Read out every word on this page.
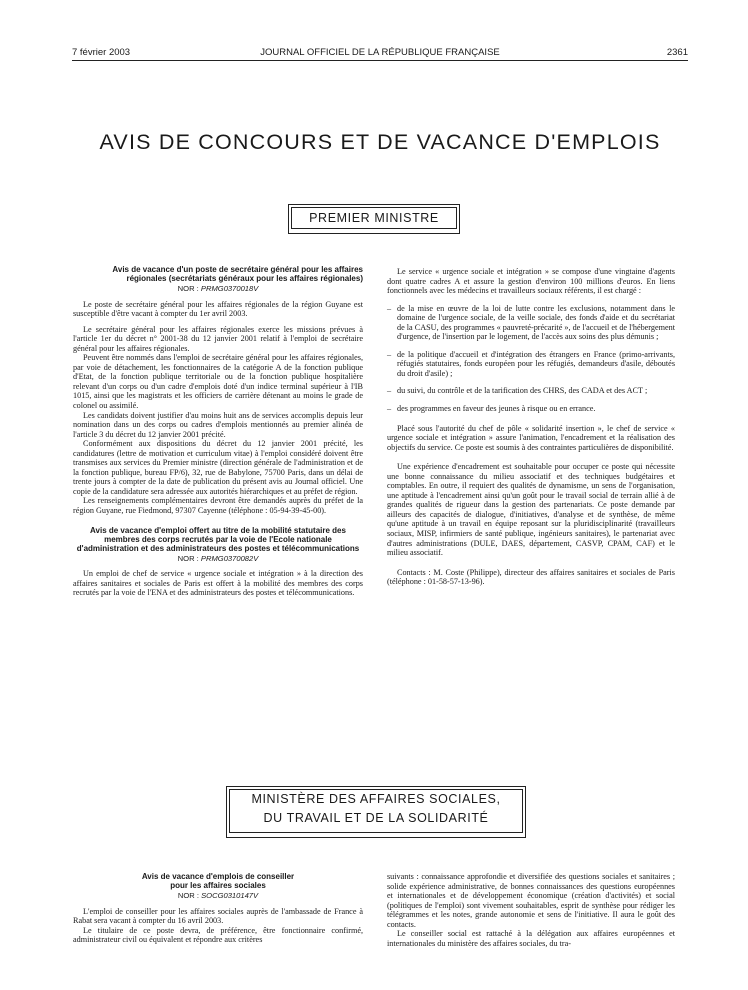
7 février 2003	JOURNAL OFFICIEL DE LA RÉPUBLIQUE FRANÇAISE	2361
AVIS DE CONCOURS ET DE VACANCE D'EMPLOIS
PREMIER MINISTRE

Avis de vacance d'un poste de secrétaire général pour les affaires régionales (secrétariats généraux pour les affaires régionales)

NOR : PRMG0370018V

Le poste de secrétaire général pour les affaires régionales de la région Guyane est susceptible d'être vacant à compter du 1er avril 2003.

Le secrétaire général pour les affaires régionales exerce les missions prévues à l'article 1er du décret n° 2001-38 du 12 janvier 2001 relatif à l'emploi de secrétaire général pour les affaires régionales.

Peuvent être nommés dans l'emploi de secrétaire général pour les affaires régionales, par voie de détachement, les fonctionnaires de la catégorie A de la fonction publique d'Etat, de la fonction publique territoriale ou de la fonction publique hospitalière relevant d'un corps ou d'un cadre d'emplois doté d'un indice terminal supérieur à l'IB 1015, ainsi que les magistrats et les officiers de carrière détenant au moins le grade de colonel ou assimilé.

Les candidats doivent justifier d'au moins huit ans de services accomplis depuis leur nomination dans un des corps ou cadres d'emplois mentionnés au premier alinéa de l'article 3 du décret du 12 janvier 2001 précité.

Conformément aux dispositions du décret du 12 janvier 2001 précité, les candidatures (lettre de motivation et curriculum vitae) à l'emploi considéré doivent être transmises aux services du Premier ministre (direction générale de l'administration et de la fonction publique, bureau FP/6), 32, rue de Babylone, 75700 Paris, dans un délai de trente jours à compter de la date de publication du présent avis au Journal officiel. Une copie de la candidature sera adressée aux autorités hiérarchiques et au préfet de région.

Les renseignements complémentaires devront être demandés auprès du préfet de la région Guyane, rue Fiedmond, 97307 Cayenne (téléphone : 05-94-39-45-00).

Avis de vacance d'emploi offert au titre de la mobilité statutaire des membres des corps recrutés par la voie de l'Ecole nationale d'administration et des administrateurs des postes et télécommunications

NOR : PRMG0370082V

Un emploi de chef de service « urgence sociale et intégration » à la direction des affaires sanitaires et sociales de Paris est offert à la mobilité des membres des corps recrutés par la voie de l'ENA et des administrateurs des postes et télécommunications.

Le service « urgence sociale et intégration » se compose d'une vingtaine d'agents dont quatre cadres A et assure la gestion d'environ 100 millions d'euros. En liens fonctionnels avec les médecins et travailleurs sociaux référents, il est chargé :

– de la mise en œuvre de la loi de lutte contre les exclusions, notamment dans le domaine de l'urgence sociale, de la veille sociale, des fonds d'aide et du secrétariat de la CASU, des programmes « pauvreté-précarité », de l'accueil et de l'hébergement d'urgence, de l'insertion par le logement, de l'accès aux soins des plus démunis ;
– de la politique d'accueil et d'intégration des étrangers en France (primo-arrivants, réfugiés statutaires, fonds européen pour les réfugiés, demandeurs d'asile, déboutés du droit d'asile) ;
– du suivi, du contrôle et de la tarification des CHRS, des CADA et des ACT ;
– des programmes en faveur des jeunes à risque ou en errance.

Placé sous l'autorité du chef de pôle « solidarité insertion », le chef de service « urgence sociale et intégration » assure l'animation, l'encadrement et la réalisation des objectifs du service. Ce poste est soumis à des contraintes particulières de disponibilité.

Une expérience d'encadrement est souhaitable pour occuper ce poste qui nécessite une bonne connaissance du milieu associatif et des techniques budgétaires et comptables. En outre, il requiert des qualités de dynamisme, un sens de l'organisation, une aptitude à l'encadrement ainsi qu'un goût pour le travail social de terrain allié à de grandes qualités de rigueur dans la gestion des partenariats. Ce poste demande par ailleurs des capacités de dialogue, d'initiatives, d'analyse et de synthèse, de même qu'une aptitude à un travail en équipe reposant sur la pluridisciplinarité (travailleurs sociaux, MISP, infirmiers de santé publique, ingénieurs sanitaires), le partenariat avec d'autres administrations (DULE, DAES, département, CASVP, CPAM, CAF) et le milieu associatif.

Contacts : M. Coste (Philippe), directeur des affaires sanitaires et sociales de Paris (téléphone : 01-58-57-13-96).

MINISTÈRE DES AFFAIRES SOCIALES,
DU TRAVAIL ET DE LA SOLIDARITÉ

Avis de vacance d'emplois de conseiller
pour les affaires sociales

NOR : SOCG0310147V

L'emploi de conseiller pour les affaires sociales auprès de l'ambassade de France à Rabat sera vacant à compter du 16 avril 2003.

Le titulaire de ce poste devra, de préférence, être fonctionnaire confirmé, administrateur civil ou équivalent et répondre aux critères

suivants : connaissance approfondie et diversifiée des questions sociales et sanitaires ; solide expérience administrative, de bonnes connaissances des questions européennes et internationales et de développement économique (création d'activités) et social (politiques de l'emploi) sont vivement souhaitables, esprit de synthèse pour rédiger les télégrammes et les notes, grande autonomie et sens de l'initiative. Il aura le goût des contacts.

Le conseiller social est rattaché à la délégation aux affaires européennes et internationales du ministère des affaires sociales, du tra-
